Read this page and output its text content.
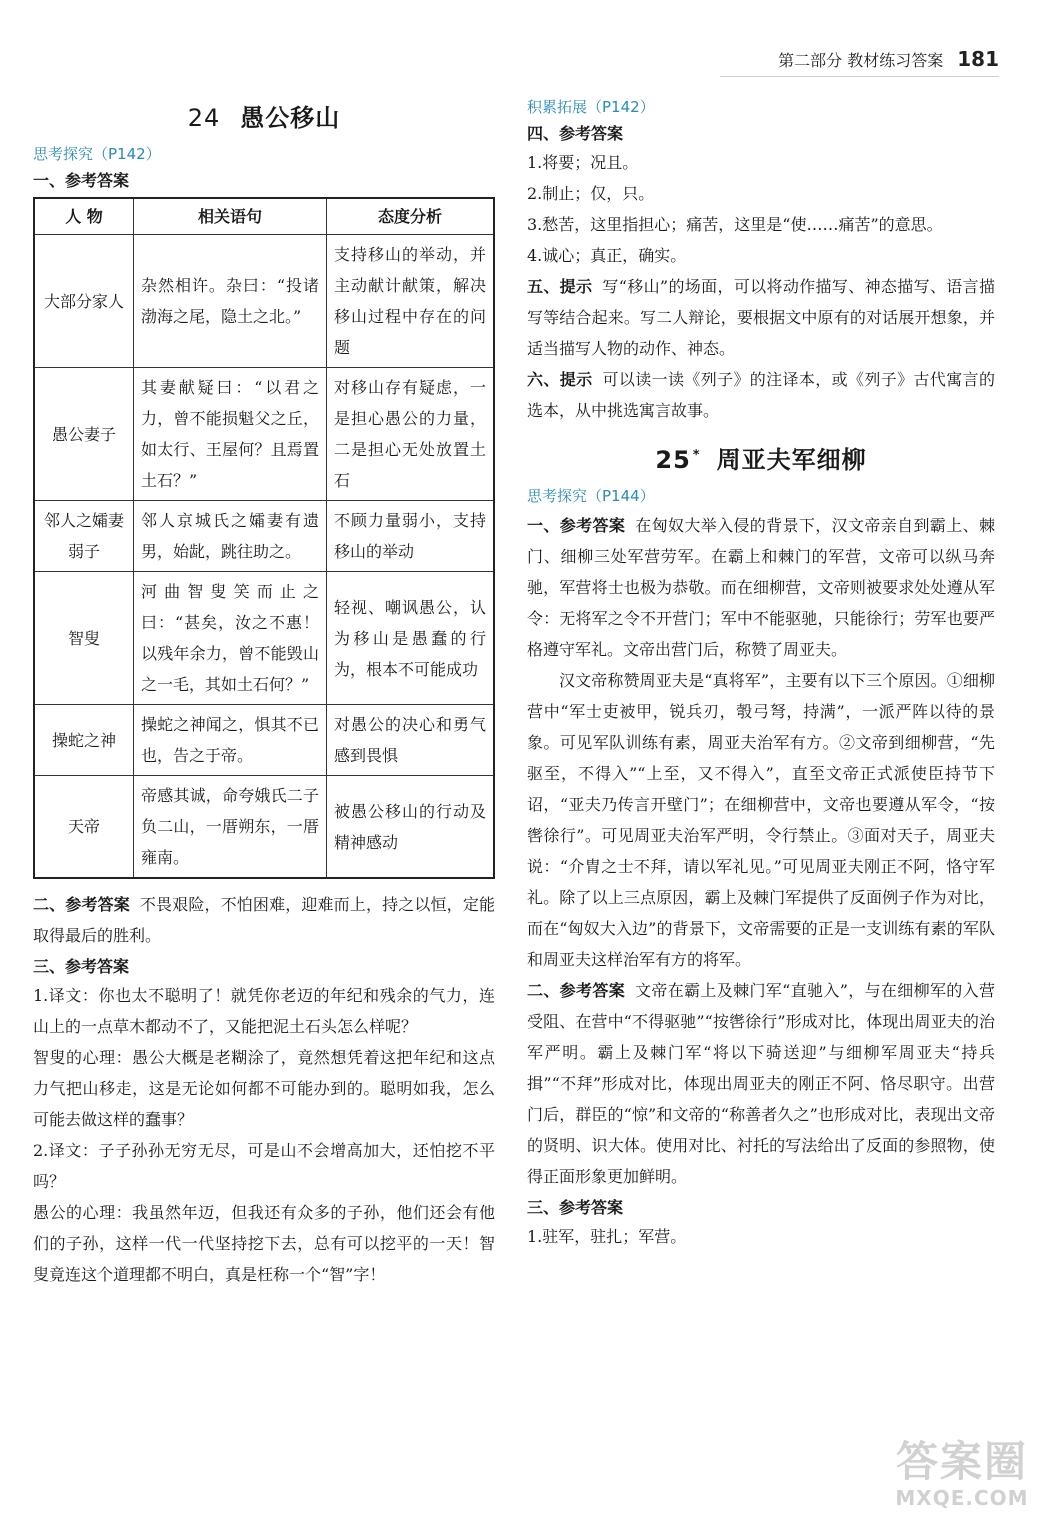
第二部分 教材练习答案 181
24 愚公移山
思考探究（P142）
一、参考答案
人 物	相关语句	态度分析
大部分家人	杂然相许。杂曰：“投诸渤海之尾，隐土之北。”	支持移山的举动，并主动献计献策，解决移山过程中存在的问题
愚公妻子	其妻献疑曰：“以君之力，曾不能损魁父之丘，如太行、王屋何？且焉置土石？”	对移山存有疑虑，一是担心愚公的力量，二是担心无处放置土石
邻人之孀妻弱子	邻人京城氏之孀妻有遗男，始龀，跳往助之。	不顾力量弱小，支持移山的举动
智叟	河曲智叟笑而止之曰：“甚矣，汝之不惠！以残年余力，曾不能毁山之一毛，其如土石何？”	轻视、嘲讽愚公，认为移山是愚蠢的行为，根本不可能成功
操蛇之神	操蛇之神闻之，惧其不已也，告之于帝。	对愚公的决心和勇气感到畏惧
天帝	帝感其诚，命夸娥氏二子负二山，一厝朔东，一厝雍南。	被愚公移山的行动及精神感动

二、参考答案 不畏艰险，不怕困难，迎难而上，持之以恒，定能取得最后的胜利。

三、参考答案

1.译文：你也太不聪明了！就凭你老迈的年纪和残余的气力，连山上的一点草木都动不了，又能把泥土石头怎么样呢？

智叟的心理：愚公大概是老糊涂了，竟然想凭着这把年纪和这点力气把山移走，这是无论如何都不可能办到的。聪明如我，怎么可能去做这样的蠢事？

2.译文：子子孙孙无穷无尽，可是山不会增高加大，还怕挖不平吗？

愚公的心理：我虽然年迈，但我还有众多的子孙，他们还会有他们的子孙，这样一代一代坚持挖下去，总有可以挖平的一天！智叟竟连这个道理都不明白，真是枉称一个“智”字！

积累拓展（P142）
四、参考答案

1.将要；况且。

2.制止；仅，只。

3.愁苦，这里指担心；痛苦，这里是“使……痛苦”的意思。

4.诚心；真正，确实。

五、提示 写“移山”的场面，可以将动作描写、神态描写、语言描写等结合起来。写二人辩论，要根据文中原有的对话展开想象，并适当描写人物的动作、神态。

六、提示 可以读一读《列子》的注译本，或《列子》古代寓言的选本，从中挑选寓言故事。

25 * 周亚夫军细柳
思考探究（P144）

一、参考答案 在匈奴大举入侵的背景下，汉文帝亲自到霸上、棘门、细柳三处军营劳军。在霸上和棘门的军营，文帝可以纵马奔驰，军营将士也极为恭敬。而在细柳营，文帝则被要求处处遵从军令：无将军之令不开营门；军中不能驱驰，只能徐行；劳军也要严格遵守军礼。文帝出营门后，称赞了周亚夫。

汉文帝称赞周亚夫是“真将军”，主要有以下三个原因。①细柳营中“军士吏被甲，锐兵刃，彀弓弩，持满”，一派严阵以待的景象。可见军队训练有素，周亚夫治军有方。②文帝到细柳营，“先驱至，不得入”“上至，又不得入”，直至文帝正式派使臣持节下诏，“亚夫乃传言开壁门”；在细柳营中，文帝也要遵从军令，“按辔徐行”。可见周亚夫治军严明，令行禁止。③面对天子，周亚夫说：“介胄之士不拜，请以军礼见。”可见周亚夫刚正不阿，恪守军礼。除了以上三点原因，霸上及棘门军提供了反面例子作为对比，而在“匈奴大入边”的背景下，文帝需要的正是一支训练有素的军队和周亚夫这样治军有方的将军。

二、参考答案 文帝在霸上及棘门军“直驰入”，与在细柳军的入营受阻、在营中“不得驱驰”“按辔徐行”形成对比，体现出周亚夫的治军严明。霸上及棘门军“将以下骑送迎”与细柳军周亚夫“持兵揖”“不拜”形成对比，体现出周亚夫的刚正不阿、恪尽职守。出营门后，群臣的“惊”和文帝的“称善者久之”也形成对比，表现出文帝的贤明、识大体。使用对比、衬托的写法给出了反面的参照物，使得正面形象更加鲜明。

三、参考答案

1.驻军，驻扎；军营。

答案圈
MXQE.COM
